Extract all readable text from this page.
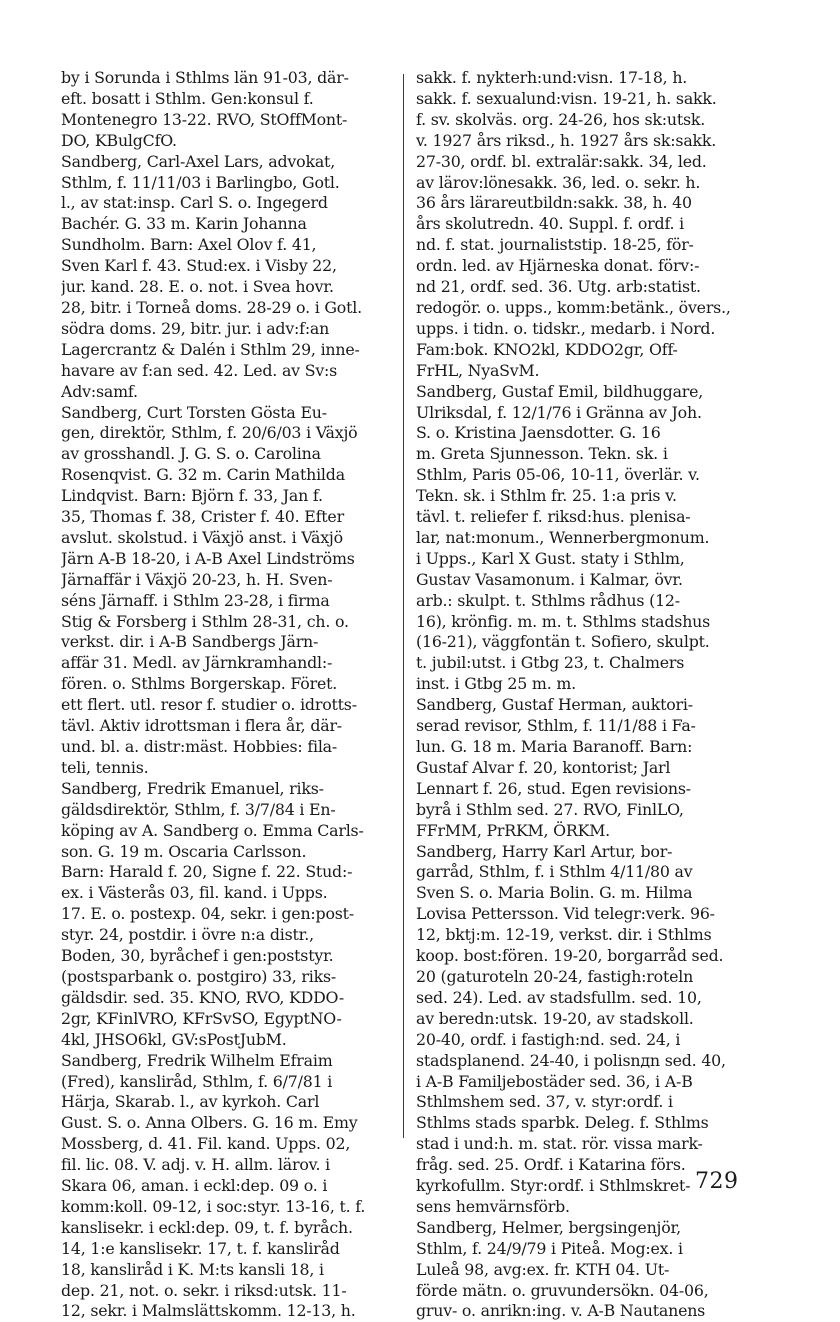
by i Sorunda i Sthlms län 91-03, där-
eft. bosatt i Sthlm. Gen:konsul f.
Montenegro 13-22. RVO, StOffMont-
DO, KBulgCfO.
Sandberg, Carl-Axel Lars, advokat,
Sthlm, f. 11/11/03 i Barlingbo, Gotl.
l., av stat:insp. Carl S. o. Ingegerd
Bachér. G. 33 m. Karin Johanna
Sundholm. Barn: Axel Olov f. 41,
Sven Karl f. 43. Stud:ex. i Visby 22,
jur. kand. 28. E. o. not. i Svea hovr.
28, bitr. i Torneå doms. 28-29 o. i Gotl.
södra doms. 29, bitr. jur. i adv:f:an
Lagercrantz & Dalén i Sthlm 29, inne-
havare av f:an sed. 42. Led. av Sv:s
Adv:samf.
Sandberg, Curt Torsten Gösta Eu-
gen, direktör, Sthlm, f. 20/6/03 i Växjö
av grosshandl. J. G. S. o. Carolina
Rosenqvist. G. 32 m. Carin Mathilda
Lindqvist. Barn: Björn f. 33, Jan f.
35, Thomas f. 38, Crister f. 40. Efter
avslut. skolstud. i Växjö anst. i Växjö
Järn A-B 18-20, i A-B Axel Lindströms
Järnaffär i Växjö 20-23, h. H. Sven-
séns Järnaff. i Sthlm 23-28, i firma
Stig & Forsberg i Sthlm 28-31, ch. o.
verkst. dir. i A-B Sandbergs Järn-
affär 31. Medl. av Järnkramhandl:-
fören. o. Sthlms Borgerskap. Föret.
ett flert. utl. resor f. studier o. idrotts-
tävl. Aktiv idrottsman i flera år, där-
und. bl. a. distr:mäst. Hobbies: fila-
teli, tennis.
Sandberg, Fredrik Emanuel, riks-
gäldsdirektör, Sthlm, f. 3/7/84 i En-
köping av A. Sandberg o. Emma Carls-
son. G. 19 m. Oscaria Carlsson.
Barn: Harald f. 20, Signe f. 22. Stud:-
ex. i Västerås 03, fil. kand. i Upps.
17. E. o. postexp. 04, sekr. i gen:post-
styr. 24, postdir. i övre n:a distr.,
Boden, 30, byråchef i gen:poststyr.
(postsparbank o. postgiro) 33, riks-
gäldsdir. sed. 35. KNO, RVO, KDDO-
2gr, KFinlVRO, KFrSvSO, EgyptNO-
4kl, JHSO6kl, GV:sPostJubM.
Sandberg, Fredrik Wilhelm Efraim
(Fred), kanslіråd, Sthlm, f. 6/7/81 i
Härja, Skarab. l., av kyrkoh. Carl
Gust. S. o. Anna Olbers. G. 16 m. Emy
Mossberg, d. 41. Fil. kand. Upps. 02,
fil. lic. 08. V. adj. v. H. allm. lärov. i
Skara 06, aman. i eckl:dep. 09 o. i
komm:koll. 09-12, i soc:styr. 13-16, t. f.
kanslisekr. i eckl:dep. 09, t. f. byråch.
14, 1:e kanslisekr. 17, t. f. kanslіråd
18, kanslіråd i K. M:ts kansli 18, i
dep. 21, not. o. sekr. i riksd:utsk. 11-
12, sekr. i Malmslättskomm. 12-13, h.
sakk. f. nykterh:und:visn. 17-18, h.
sakk. f. sexualund:visn. 19-21, h. sakk.
f. sv. skolväs. org. 24-26, hos sk:utsk.
v. 1927 års riksd., h. 1927 års sk:sakk.
27-30, ordf. bl. extralär:sakk. 34, led.
av lärov:lönesakk. 36, led. o. sekr. h.
36 års lärareutbildn:sakk. 38, h. 40
års skolutredn. 40. Suppl. f. ordf. i
nd. f. stat. journaliststip. 18-25, för-
ordn. led. av Hjärneska donat. förv:-
nd 21, ordf. sed. 36. Utg. arb:statist.
redogör. o. upps., komm:betänk., övers.,
upps. i tidn. o. tidskr., medarb. i Nord.
Fam:bok. KNO2kl, KDDO2gr, Off-
FrHL, NyaSvM.
Sandberg, Gustaf Emil, bildhuggare,
Ulriksdal, f. 12/1/76 i Gränna av Joh.
S. o. Kristina Jaensdotter. G. 16
m. Greta Sjunnesson. Tekn. sk. i
Sthlm, Paris 05-06, 10-11, överlär. v.
Tekn. sk. i Sthlm fr. 25. 1:a pris v.
tävl. t. reliefer f. riksd:hus. plenisa-
lar, nat:monum., Wennerbergmonum.
i Upps., Karl X Gust. staty i Sthlm,
Gustav Vasamonum. i Kalmar, övr.
arb.: skulpt. t. Sthlms rådhus (12-
16), krönfig. m. m. t. Sthlms stadshus
(16-21), väggfontän t. Sofiero, skulpt.
t. jubil:utst. i Gtbg 23, t. Chalmers
inst. i Gtbg 25 m. m.
Sandberg, Gustaf Herman, auktori-
serad revisor, Sthlm, f. 11/1/88 i Fa-
lun. G. 18 m. Maria Baranoff. Barn:
Gustaf Alvar f. 20, kontorist; Jarl
Lennart f. 26, stud. Egen revisions-
byrå i Sthlm sed. 27. RVO, FinlLO,
FFrMM, PrRKM, ÖRKM.
Sandberg, Harry Karl Artur, bor-
garråd, Sthlm, f. i Sthlm 4/11/80 av
Sven S. o. Maria Bolin. G. m. Hilma
Lovisa Pettersson. Vid telegr:verk. 96-
12, bktj:m. 12-19, verkst. dir. i Sthlms
koop. bost:fören. 19-20, borgarråd sed.
20 (gaturoteln 20-24, fastigh:roteln
sed. 24). Led. av stadsfullm. sed. 10,
av beredn:utsk. 19-20, av stadskoll.
20-40, ordf. i fastigh:nd. sed. 24, i
stadsplanend. 24-40, i polisnдn sed. 40,
i A-B Familjebostäder sed. 36, i A-B
Sthlmshem sed. 37, v. styr:ordf. i
Sthlms stads sparbk. Deleg. f. Sthlms
stad i und:h. m. stat. rör. vissa mark-
fråg. sed. 25. Ordf. i Katarina förs.
kyrkofullm. Styr:ordf. i Sthlmskret-
sens hemvärnsförb.
Sandberg, Helmer, bergsingenjör,
Sthlm, f. 24/9/79 i Piteå. Mog:ex. i
Luleå 98, avg:ex. fr. KTH 04. Ut-
förde mätn. o. gruvundersökn. 04-06,
gruv- o. anrikn:ing. v. A-B Nautanens
729
